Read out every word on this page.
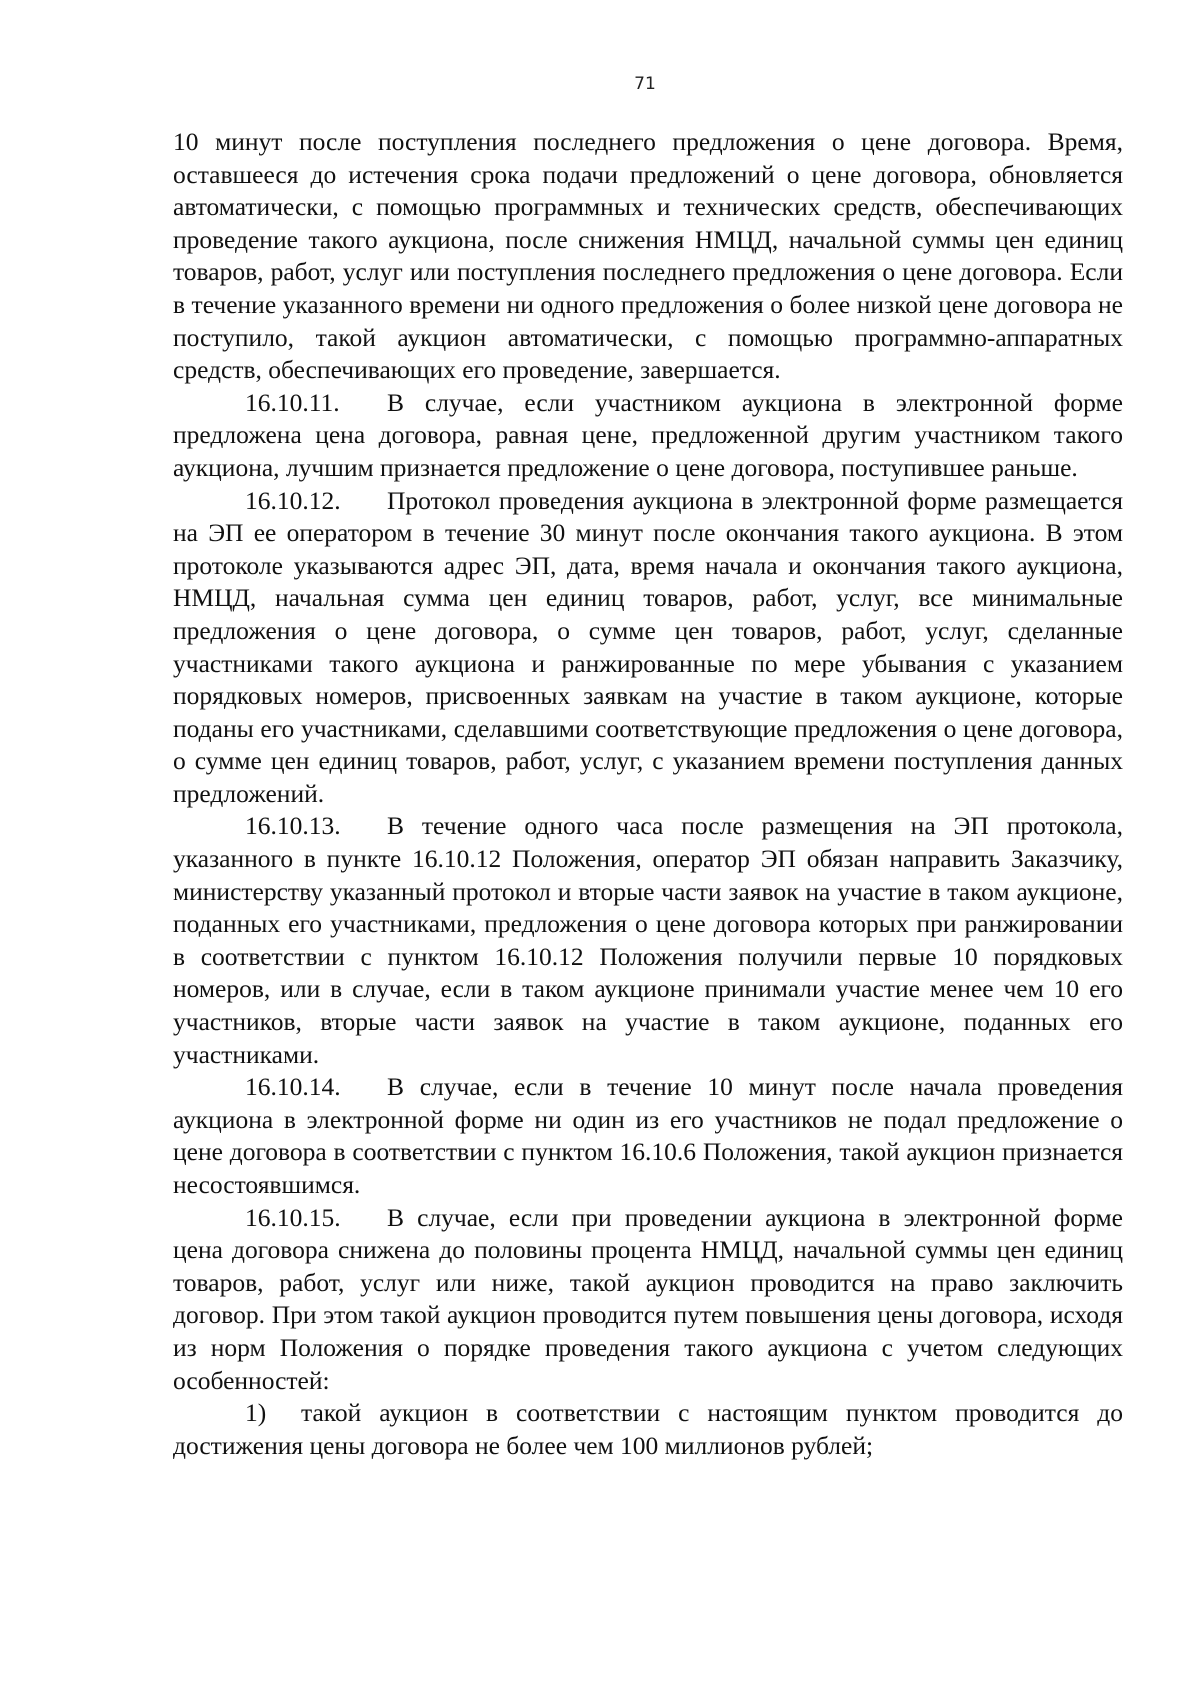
71

10 минут после поступления последнего предложения о цене договора. Время, оставшееся до истечения срока подачи предложений о цене договора, обновляется автоматически, с помощью программных и технических средств, обеспечивающих проведение такого аукциона, после снижения НМЦД, начальной суммы цен единиц товаров, работ, услуг или поступления последнего предложения о цене договора. Если в течение указанного времени ни одного предложения о более низкой цене договора не поступило, такой аукцион автоматически, с помощью программно-аппаратных средств, обеспечивающих его проведение, завершается.

16.10.11. В случае, если участником аукциона в электронной форме предложена цена договора, равная цене, предложенной другим участником такого аукциона, лучшим признается предложение о цене договора, поступившее раньше.

16.10.12. Протокол проведения аукциона в электронной форме размещается на ЭП ее оператором в течение 30 минут после окончания такого аукциона. В этом протоколе указываются адрес ЭП, дата, время начала и окончания такого аукциона, НМЦД, начальная сумма цен единиц товаров, работ, услуг, все минимальные предложения о цене договора, о сумме цен товаров, работ, услуг, сделанные участниками такого аукциона и ранжированные по мере убывания с указанием порядковых номеров, присвоенных заявкам на участие в таком аукционе, которые поданы его участниками, сделавшими соответствующие предложения о цене договора, о сумме цен единиц товаров, работ, услуг, с указанием времени поступления данных предложений.

16.10.13. В течение одного часа после размещения на ЭП протокола, указанного в пункте 16.10.12 Положения, оператор ЭП обязан направить Заказчику, министерству указанный протокол и вторые части заявок на участие в таком аукционе, поданных его участниками, предложения о цене договора которых при ранжировании в соответствии с пунктом 16.10.12 Положения получили первые 10 порядковых номеров, или в случае, если в таком аукционе принимали участие менее чем 10 его участников, вторые части заявок на участие в таком аукционе, поданных его участниками.

16.10.14. В случае, если в течение 10 минут после начала проведения аукциона в электронной форме ни один из его участников не подал предложение о цене договора в соответствии с пунктом 16.10.6 Положения, такой аукцион признается несостоявшимся.

16.10.15. В случае, если при проведении аукциона в электронной форме цена договора снижена до половины процента НМЦД, начальной суммы цен единиц товаров, работ, услуг или ниже, такой аукцион проводится на право заключить договор. При этом такой аукцион проводится путем повышения цены договора, исходя из норм Положения о порядке проведения такого аукциона с учетом следующих особенностей:

1) такой аукцион в соответствии с настоящим пунктом проводится до достижения цены договора не более чем 100 миллионов рублей;
